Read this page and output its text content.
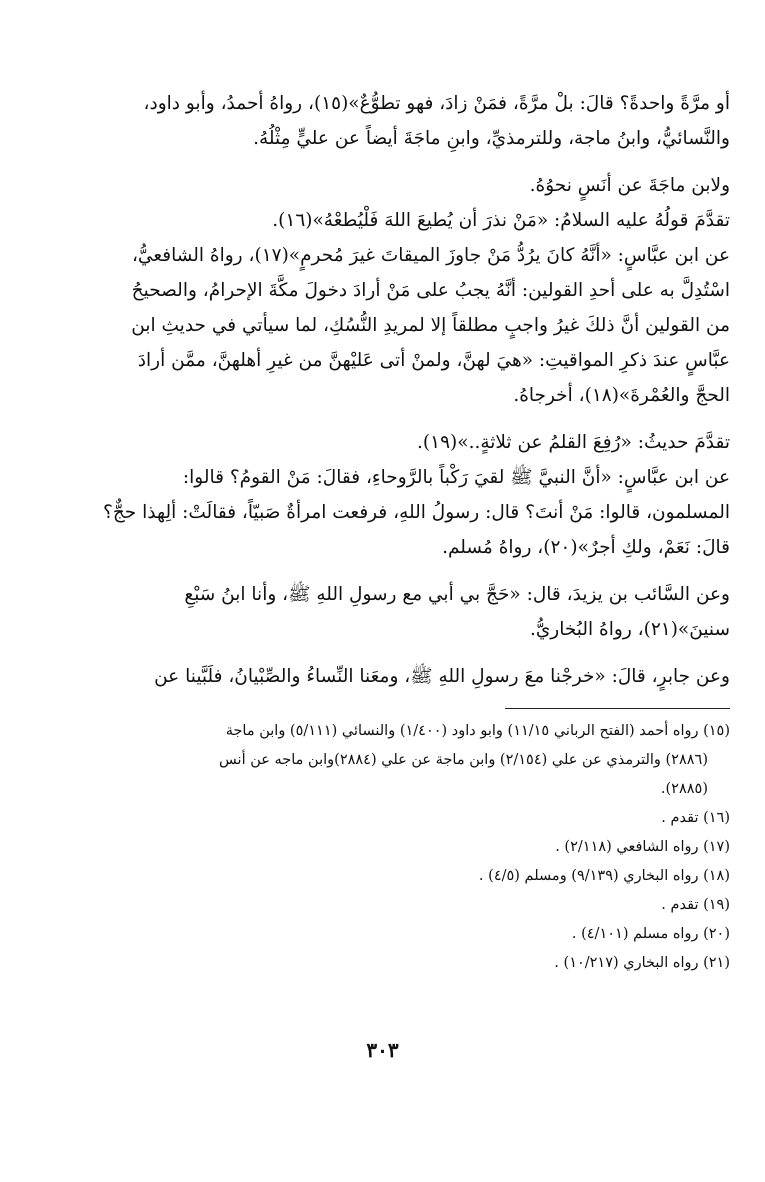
أو مرَّةً واحدةً؟ قالَ: بلْ مرَّةً، فمَنْ زادَ، فهو تطوُّعٌ»(١٥)، رواهُ أحمدُ، وأبو داود،

والنَّسائيُّ، وابنُ ماجة، وللترمذيِّ، وابنِ ماجَةَ أيضاً عن عليٍّ مِثْلُهُ.

ولابن ماجَةَ عن أنَسٍ نحوُهُ.

تقدَّمَ قولُهُ عليه السلامُ: «مَنْ نذرَ أن يُطيعَ اللهَ فَلْيُطعْهُ»(١٦).

عن ابن عبَّاسٍ: «أنَّهُ كانَ يرُدُّ مَنْ جاوزَ الميقاتَ غيرَ مُحرمٍ»(١٧)، رواهُ الشافعيُّ،

اسْتُدِلَّ به على أحدِ القولين: أنَّهُ يجبُ على مَنْ أرادَ دخولَ مكَّةَ الإحرامُ، والصحيحُ

من القولين أنَّ ذلكَ غيرُ واجبٍ مطلقاً إلا لمريدِ النُّسُكِ، لما سيأتي في حديثِ ابن

عبَّاسٍ عندَ ذكرِ المواقيتِ: «هيَ لهنَّ، ولمنْ أتى عَليْهنَّ من غيرِ أهلهنَّ، ممَّن أرادَ

الحجَّ والعُمْرةَ»(١٨)، أخرجاهُ.

تقدَّمَ حديثُ: «رُفِعَ القلمُ عن ثلاثةٍ..»(١٩).

عن ابن عبَّاسٍ: «أنَّ النبيَّ ﷺ لقيَ رَكْباً بالرَّوحاءِ، فقالَ: مَنْ القومُ؟ قالوا:

المسلمون، قالوا: مَنْ أنتَ؟ قال: رسولُ اللهِ، فرفعت امرأةٌ صَبيّاً، فقالَتْ: ألِهذا حجٌّ؟

قالَ: نَعَمْ، ولكِ أجرٌ»(٢٠)، رواهُ مُسلم.

وعن السَّائب بن يزيدَ، قال: «حَجَّ بي أبي مع رسولِ اللهِ ﷺ، وأنا ابنُ سَبْعِ

سنينَ»(٢١)، رواهُ البُخاريُّ.

وعن جابرٍ، قالَ: «خرجْنا معَ رسولِ اللهِ ﷺ، ومعَنا النِّساءُ والصِّبْيانُ، فلَبَّينا عن

(١٥) رواه أحمد (الفتح الرباني ١١/١٥) وابو داود (١/٤٠٠) والنسائي (٥/١١١) وابن ماجة

(٢٨٨٦) والترمذي عن علي (٢/١٥٤) وابن ماجة عن علي (٢٨٨٤)وابن ماجه عن أنس

(٢٨٨٥).

(١٦) تقدم .

(١٧) رواه الشافعي (٢/١١٨) .

(١٨) رواه البخاري (٩/١٣٩) ومسلم (٤/٥) .

(١٩) تقدم .

(٢٠) رواه مسلم (٤/١٠١) .

(٢١) رواه البخاري (١٠/٢١٧) .

٣٠٣
